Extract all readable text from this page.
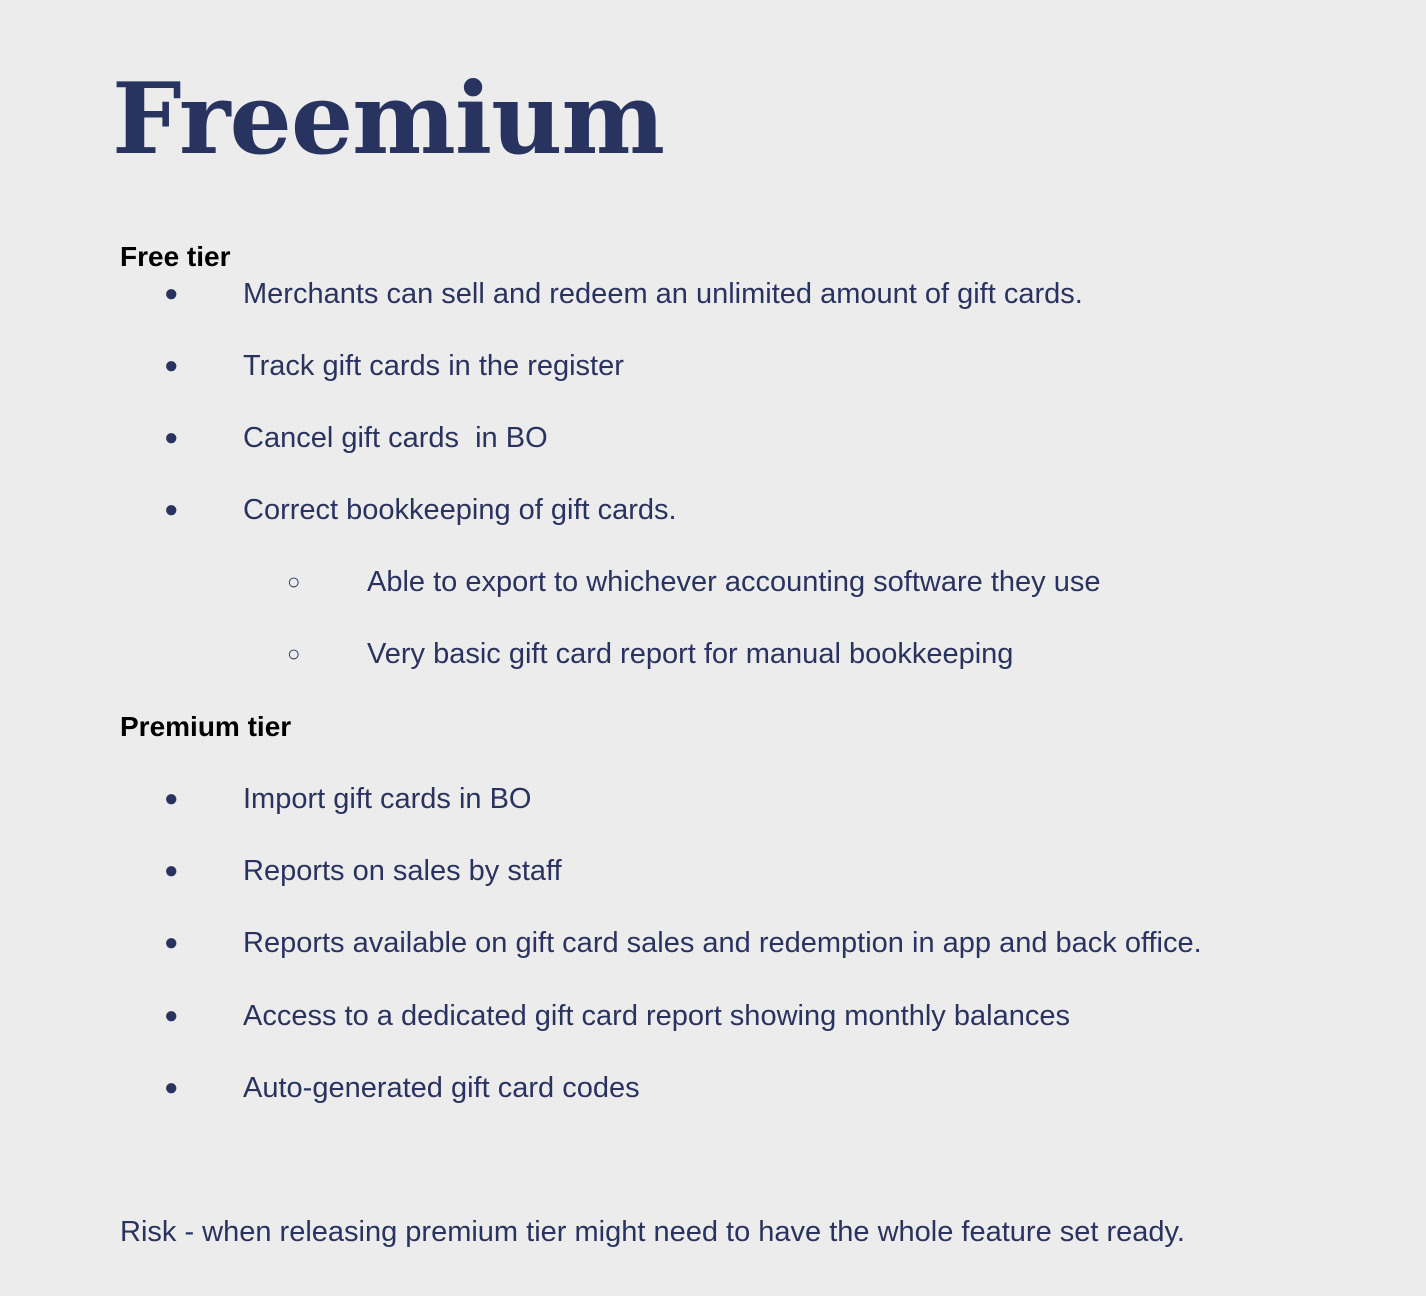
Freemium
Free tier
● Merchants can sell and redeem an unlimited amount of gift cards.
● Track gift cards in the register
● Cancel gift cards  in BO
● Correct bookkeeping of gift cards.
○ Able to export to whichever accounting software they use
○ Very basic gift card report for manual bookkeeping
Premium tier
● Import gift cards in BO
● Reports on sales by staff
● Reports available on gift card sales and redemption in app and back office.
● Access to a dedicated gift card report showing monthly balances
● Auto-generated gift card codes

Risk - when releasing premium tier might need to have the whole feature set ready.
